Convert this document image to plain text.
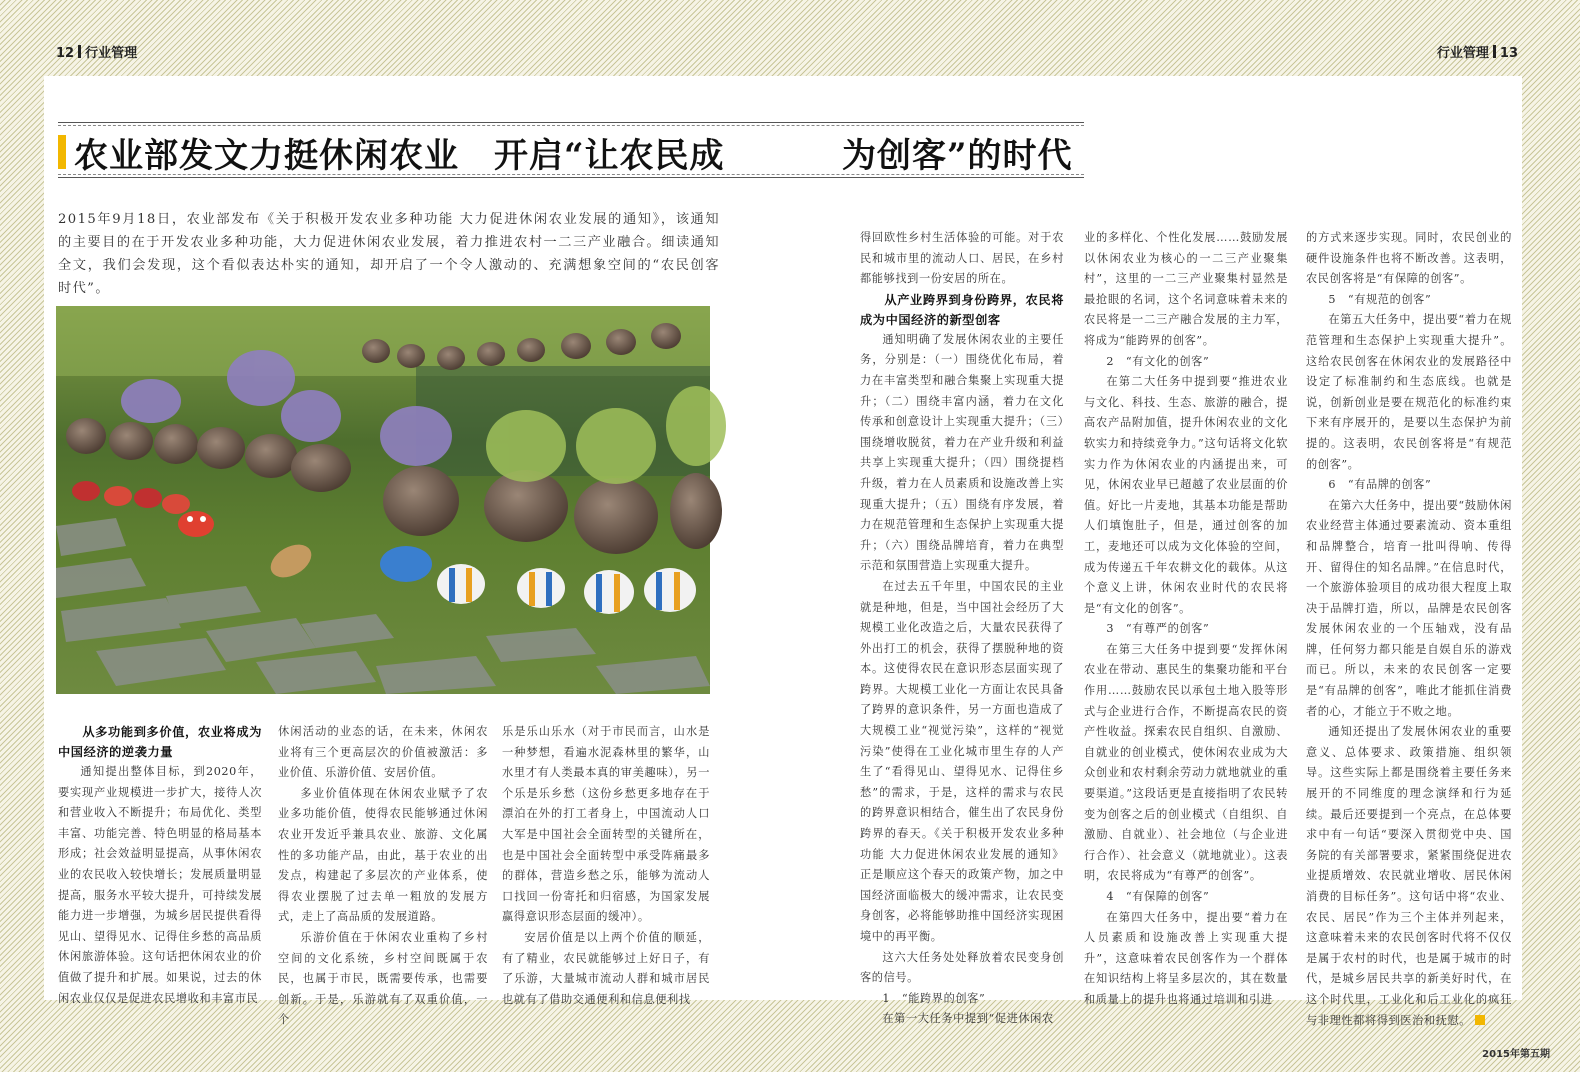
12 行业管理	行业管理 13
农业部发文力挺休闲农业　开启“让农民成	为创客”的时代
2015年9月18日，农业部发布《关于积极开发农业多种功能 大力促进休闲农业发展的通知》，该通知的主要目的在于开发农业多种功能，大力促进休闲农业发展，着力推进农村一二三产业融合。细读通知全文，我们会发现，这个看似表达朴实的通知，却开启了一个令人激动的、充满想象空间的“农民创客时代”。
从多功能到多价值，农业将成为中国经济的逆袭力量

通知提出整体目标，到2020年，要实现产业规模进一步扩大，接待人次和营业收入不断提升；布局优化、类型丰富、功能完善、特色明显的格局基本形成；社会效益明显提高，从事休闲农业的农民收入较快增长；发展质量明显提高，服务水平较大提升，可持续发展能力进一步增强，为城乡居民提供看得见山、望得见水、记得住乡愁的高品质休闲旅游体验。这句话把休闲农业的价值做了提升和扩展。如果说，过去的休闲农业仅仅是促进农民增收和丰富市民

休闲活动的业态的话，在未来，休闲农业将有三个更高层次的价值被激活：多业价值、乐游价值、安居价值。

多业价值体现在休闲农业赋予了农业多功能价值，使得农民能够通过休闲农业开发近乎兼具农业、旅游、文化属性的多功能产品，由此，基于农业的出发点，构建起了多层次的产业体系，使得农业摆脱了过去单一粗放的发展方式，走上了高品质的发展道路。

乐游价值在于休闲农业重构了乡村空间的文化系统，乡村空间既属于农民，也属于市民，既需要传承，也需要创新。于是，乐游就有了双重价值，一个

乐是乐山乐水（对于市民而言，山水是一种梦想，看遍水泥森林里的繁华，山水里才有人类最本真的审美趣味），另一个乐是乐乡愁（这份乡愁更多地存在于漂泊在外的打工者身上，中国流动人口大军是中国社会全面转型的关键所在，也是中国社会全面转型中承受阵痛最多的群体，营造乡愁之乐，能够为流动人口找回一份寄托和归宿感，为国家发展赢得意识形态层面的缓冲）。

安居价值是以上两个价值的顺延，有了精业，农民就能够过上好日子，有了乐游，大量城市流动人群和城市居民也就有了借助交通便利和信息便利找

得回欧性乡村生活体验的可能。对于农民和城市里的流动人口、居民，在乡村都能够找到一份安居的所在。

从产业跨界到身份跨界，农民将成为中国经济的新型创客

通知明确了发展休闲农业的主要任务，分别是：（一）围绕优化布局，着力在丰富类型和融合集聚上实现重大提升；（二）围绕丰富内涵，着力在文化传承和创意设计上实现重大提升；（三）围绕增收脱贫，着力在产业升级和利益共享上实现重大提升；（四）围绕提档升级，着力在人员素质和设施改善上实现重大提升；（五）围绕有序发展，着力在规范管理和生态保护上实现重大提升；（六）围绕品牌培育，着力在典型示范和氛围营造上实现重大提升。

在过去五千年里，中国农民的主业就是种地，但是，当中国社会经历了大规模工业化改造之后，大量农民获得了外出打工的机会，获得了摆脱种地的资本。这使得农民在意识形态层面实现了跨界。大规模工业化一方面让农民具备了跨界的意识条件，另一方面也造成了大规模工业“视觉污染”，这样的“视觉污染”使得在工业化城市里生存的人产生了“看得见山、望得见水、记得住乡愁”的需求，于是，这样的需求与农民的跨界意识相结合，催生出了农民身份跨界的春天。《关于积极开发农业多种功能 大力促进休闲农业发展的通知》正是顺应这个春天的政策产物，加之中国经济面临极大的缓冲需求，让农民变身创客，必将能够助推中国经济实现困境中的再平衡。

这六大任务处处释放着农民变身创客的信号。

1　“能跨界的创客”

在第一大任务中提到“促进休闲农

业的多样化、个性化发展……鼓励发展以休闲农业为核心的一二三产业聚集村”，这里的一二三产业聚集村显然是最抢眼的名词，这个名词意味着未来的农民将是一二三产融合发展的主力军，将成为“能跨界的创客”。

2　“有文化的创客”

在第二大任务中提到要“推进农业与文化、科技、生态、旅游的融合，提高农产品附加值，提升休闲农业的文化软实力和持续竞争力。”这句话将文化软实力作为休闲农业的内涵提出来，可见，休闲农业早已超越了农业层面的价值。好比一片麦地，其基本功能是帮助人们填饱肚子，但是，通过创客的加工，麦地还可以成为文化体验的空间，成为传递五千年农耕文化的载体。从这个意义上讲，休闲农业时代的农民将是“有文化的创客”。

3　“有尊严的创客”

在第三大任务中提到要“发挥休闲农业在带动、惠民生的集聚功能和平台作用……鼓励农民以承包土地入股等形式与企业进行合作，不断提高农民的资产性收益。探索农民自组织、自激励、自就业的创业模式，使休闲农业成为大众创业和农村剩余劳动力就地就业的重要渠道。”这段话更是直接指明了农民转变为创客之后的创业模式（自组织、自激励、自就业）、社会地位（与企业进行合作）、社会意义（就地就业）。这表明，农民将成为“有尊严的创客”。

4　“有保障的创客”

在第四大任务中，提出要“着力在人员素质和设施改善上实现重大提升”，这意味着农民创客作为一个群体在知识结构上将呈多层次的，其在数量和质量上的提升也将通过培训和引进

的方式来逐步实现。同时，农民创业的硬件设施条件也将不断改善。这表明，农民创客将是“有保障的创客”。

5　“有规范的创客”

在第五大任务中，提出要“着力在规范管理和生态保护上实现重大提升”。这给农民创客在休闲农业的发展路径中设定了标准制约和生态底线。也就是说，创新创业是要在规范化的标准约束下来有序展开的，是要以生态保护为前提的。这表明，农民创客将是“有规范的创客”。

6　“有品牌的创客”

在第六大任务中，提出要“鼓励休闲农业经营主体通过要素流动、资本重组和品牌整合，培育一批叫得响、传得开、留得住的知名品牌。”在信息时代，一个旅游体验项目的成功很大程度上取决于品牌打造，所以，品牌是农民创客发展休闲农业的一个压轴戏，没有品牌，任何努力都只能是自娱自乐的游戏而已。所以，未来的农民创客一定要是“有品牌的创客”，唯此才能抓住消费者的心，才能立于不败之地。

通知还提出了发展休闲农业的重要意义、总体要求、政策措施、组织领导。这些实际上都是围绕着主要任务来展开的不同维度的理念演绎和行为延续。最后还要提到一个亮点，在总体要求中有一句话“要深入贯彻党中央、国务院的有关部署要求，紧紧围绕促进农业提质增效、农民就业增收、居民休闲消费的目标任务”。这句话中将“农业、农民、居民”作为三个主体并列起来，这意味着未来的农民创客时代将不仅仅是属于农村的时代，也是属于城市的时代，是城乡居民共享的新美好时代，在这个时代里，工业化和后工业化的疯狂与非理性都将得到医治和抚慰。

2015年第五期
